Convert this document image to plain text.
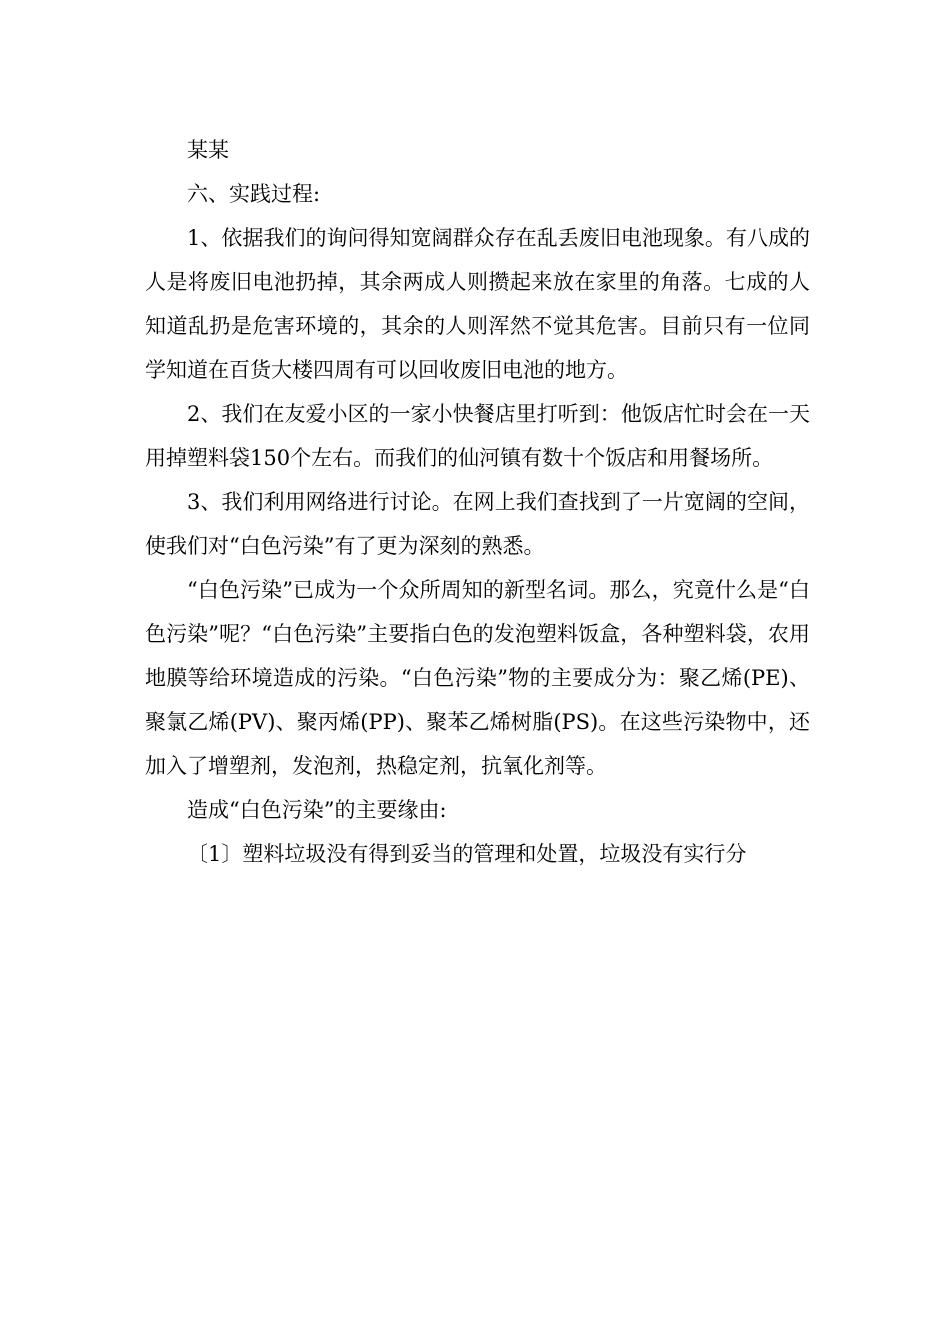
某某

六、实践过程:

1、依据我们的询问得知宽阔群众存在乱丢废旧电池现象。有八成的人是将废旧电池扔掉，其余两成人则攒起来放在家里的角落。七成的人知道乱扔是危害环境的，其余的人则浑然不觉其危害。目前只有一位同学知道在百货大楼四周有可以回收废旧电池的地方。

2、我们在友爱小区的一家小快餐店里打听到：他饭店忙时会在一天用掉塑料袋150个左右。而我们的仙河镇有数十个饭店和用餐场所。

3、我们利用网络进行讨论。在网上我们查找到了一片宽阔的空间，使我们对“白色污染”有了更为深刻的熟悉。

“白色污染”已成为一个众所周知的新型名词。那么，究竟什么是“白色污染”呢？“白色污染”主要指白色的发泡塑料饭盒，各种塑料袋，农用地膜等给环境造成的污染。“白色污染”物的主要成分为：聚乙烯(PE)、聚氯乙烯(PV)、聚丙烯(PP)、聚苯乙烯树脂(PS)。在这些污染物中，还加入了增塑剂，发泡剂，热稳定剂，抗氧化剂等。

造成“白色污染”的主要缘由:

〔1〕塑料垃圾没有得到妥当的管理和处置，垃圾没有实行分
